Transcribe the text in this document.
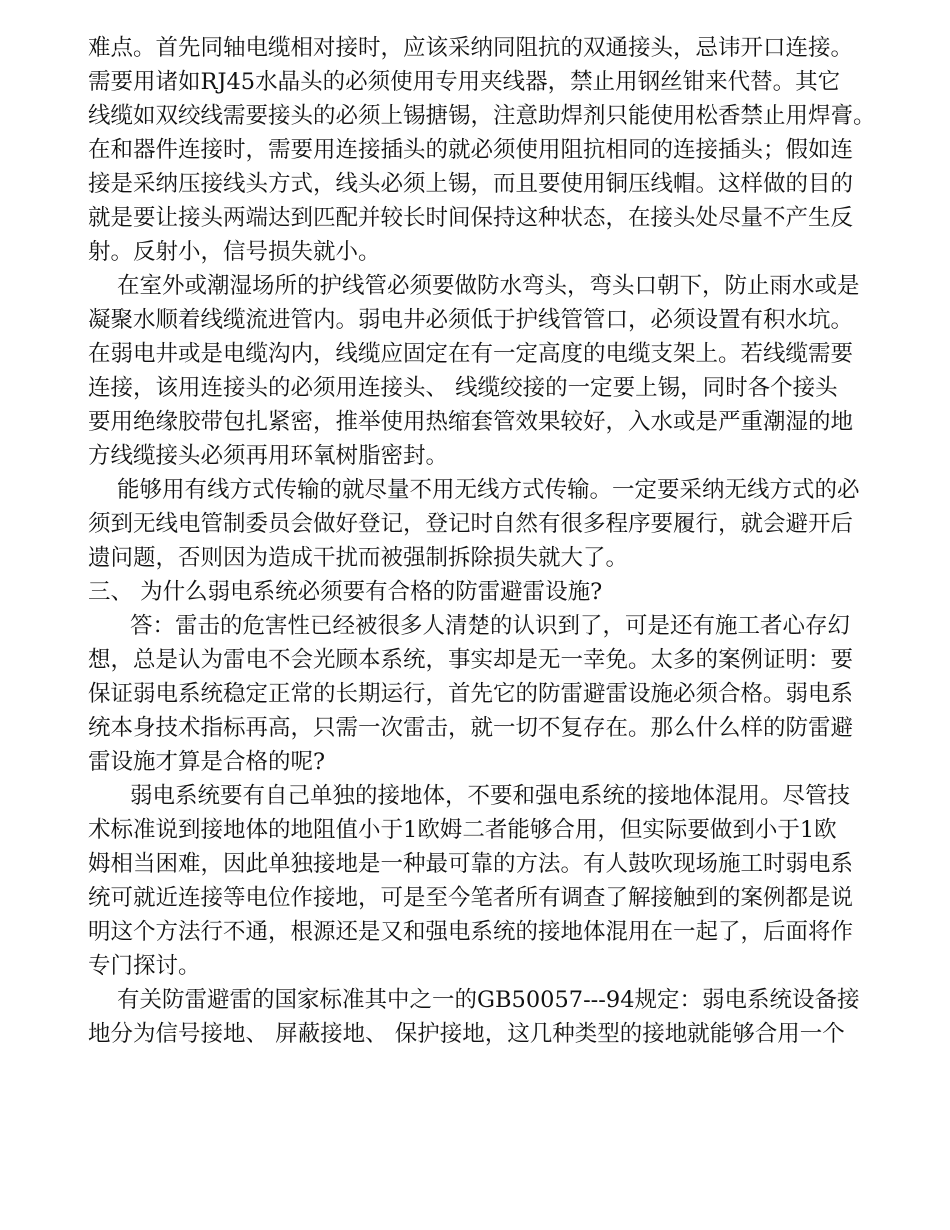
难点。首先同轴电缆相对接时，应该采纳同阻抗的双通接头，忌讳开口连接。
需要用诸如RJ45水晶头的必须使用专用夹线器，禁止用钢丝钳来代替。其它
线缆如双绞线需要接头的必须上锡搪锡，注意助焊剂只能使用松香禁止用焊膏。
在和器件连接时，需要用连接插头的就必须使用阻抗相同的连接插头；假如连
接是采纳压接线头方式，线头必须上锡，而且要使用铜压线帽。这样做的目的
就是要让接头两端达到匹配并较长时间保持这种状态，在接头处尽量不产生反
射。反射小，信号损失就小。
在室外或潮湿场所的护线管必须要做防水弯头，弯头口朝下，防止雨水或是
凝聚水顺着线缆流进管内。弱电井必须低于护线管管口，必须设置有积水坑。
在弱电井或是电缆沟内，线缆应固定在有一定高度的电缆支架上。若线缆需要
连接，该用连接头的必须用连接头、 线缆绞接的一定要上锡，同时各个接头
要用绝缘胶带包扎紧密，推举使用热缩套管效果较好，入水或是严重潮湿的地
方线缆接头必须再用环氧树脂密封。
能够用有线方式传输的就尽量不用无线方式传输。一定要采纳无线方式的必
须到无线电管制委员会做好登记，登记时自然有很多程序要履行，就会避开后
遗问题，否则因为造成干扰而被强制拆除损失就大了。
三、 为什么弱电系统必须要有合格的防雷避雷设施?
答：雷击的危害性已经被很多人清楚的认识到了，可是还有施工者心存幻
想，总是认为雷电不会光顾本系统，事实却是无一幸免。太多的案例证明：要
保证弱电系统稳定正常的长期运行，首先它的防雷避雷设施必须合格。弱电系
统本身技术指标再高，只需一次雷击，就一切不复存在。那么什么样的防雷避
雷设施才算是合格的呢?
弱电系统要有自己单独的接地体，不要和强电系统的接地体混用。尽管技
术标准说到接地体的地阻值小于1欧姆二者能够合用，但实际要做到小于1欧
姆相当困难，因此单独接地是一种最可靠的方法。有人鼓吹现场施工时弱电系
统可就近连接等电位作接地，可是至今笔者所有调查了解接触到的案例都是说
明这个方法行不通，根源还是又和强电系统的接地体混用在一起了，后面将作
专门探讨。
有关防雷避雷的国家标准其中之一的GB50057---94规定：弱电系统设备接
地分为信号接地、 屏蔽接地、 保护接地，这几种类型的接地就能够合用一个
